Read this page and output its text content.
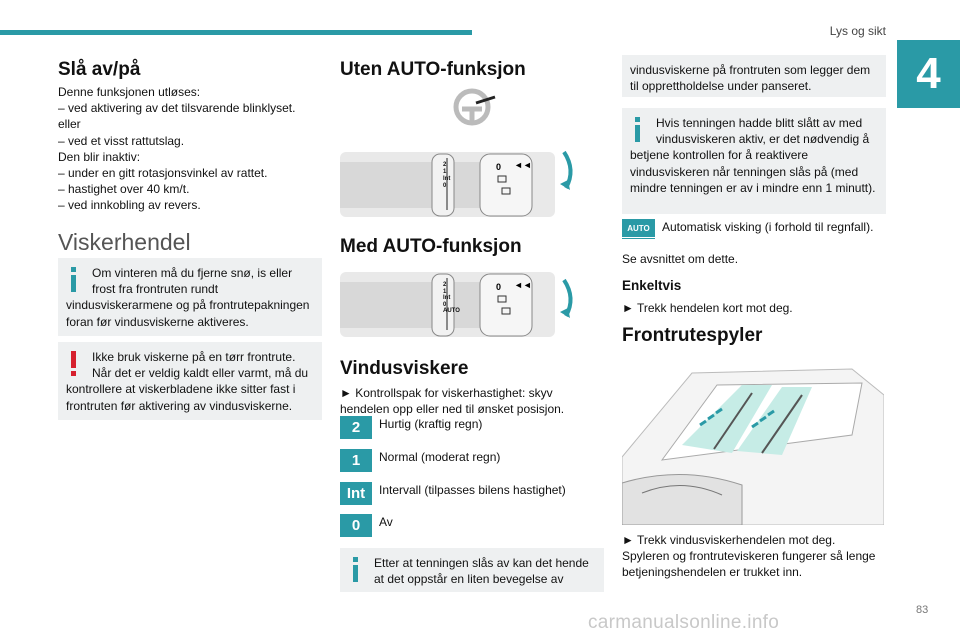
Lys og sikt
4
Slå av/på

Denne funksjonen utløses:

– ved aktivering av det tilsvarende blinklyset.

eller

– ved et visst rattutslag.

Den blir inaktiv:

– under en gitt rotasjonsvinkel av rattet.

– hastighet over 40 km/t.

– ved innkobling av revers.

Viskerhendel
Om vinteren må du fjerne snø, is eller frost fra frontruten rundt vindusviskerarmene og på frontrutepakningen foran før vindusviskerne aktiveres.
Ikke bruk viskerne på en tørr frontrute. Når det er veldig kaldt eller varmt, må du kontrollere at viskerbladene ikke sitter fast i frontruten før aktivering av vindusviskerne.
Uten AUTO-funksjon
0 ◄◄
2
1
Int
0
Med AUTO-funksjon
0 ◄◄
2
1
Int
0
AUTO
Vindusviskere

► Kontrollspak for viskerhastighet: skyv hendelen opp eller ned til ønsket posisjon.

2	Hurtig (kraftig regn)

1	Normal (moderat regn)

Int	Intervall (tilpasses bilens hastighet)

0	Av

Etter at tenningen slås av kan det hende at det oppstår en liten bevegelse av
vindusviskerne på frontruten som legger dem til opprettholdelse under panseret.
Hvis tenningen hadde blitt slått av med vindusviskeren aktiv, er det nødvendig å betjene kontrollen for å reaktivere vindusviskeren når tenningen slås på (med mindre tenningen er av i mindre enn 1 minutt).
AUTO Automatisk visking (i forhold til regnfall).

Se avsnittet om dette.

Enkeltvis

► Trekk hendelen kort mot deg.

Frontrutespyler

► Trekk vindusviskerhendelen mot deg.

Spyleren og frontruteviskeren fungerer så lenge betjeningshendelen er trukket inn.

83
carmanualsonline.info
